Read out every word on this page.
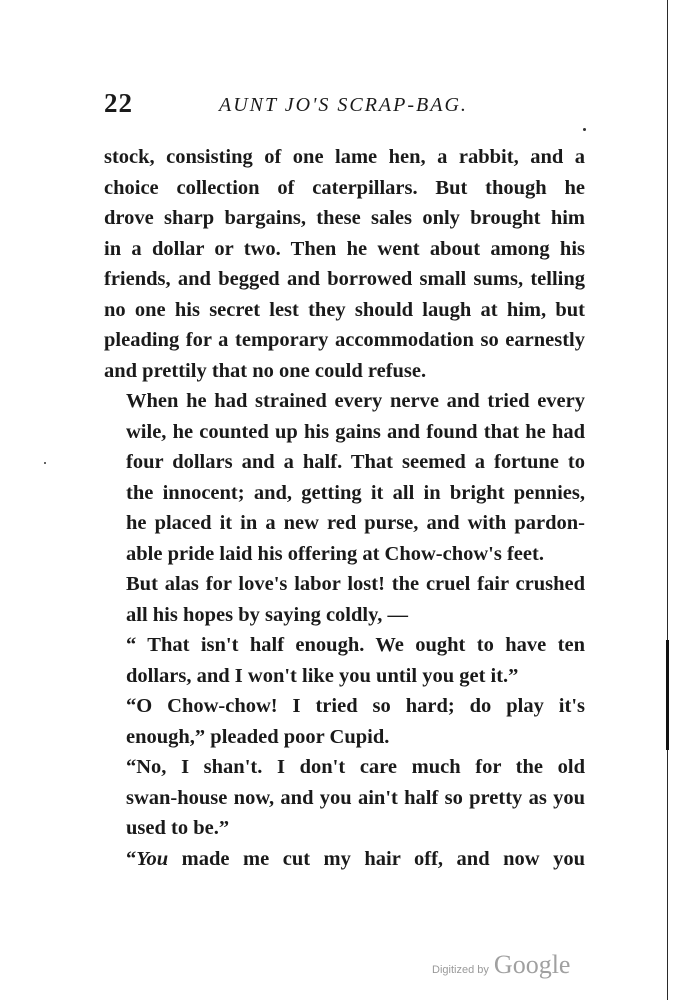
22	AUNT JO'S SCRAP-BAG.
stock, consisting of one lame hen, a rabbit, and a
choice collection of caterpillars. But though he
drove sharp bargains, these sales only brought him
in a dollar or two. Then he went about among his
friends, and begged and borrowed small sums, telling
no one his secret lest they should laugh at him, but
pleading for a temporary accommodation so earnestly
and prettily that no one could refuse.
When he had strained every nerve and tried every
wile, he counted up his gains and found that he had
four dollars and a half. That seemed a fortune to
the innocent; and, getting it all in bright pennies,
he placed it in a new red purse, and with pardon-
able pride laid his offering at Chow-chow's feet.
But alas for love's labor lost! the cruel fair crushed
all his hopes by saying coldly, —
“ That isn't half enough. We ought to have ten
dollars, and I won't like you until you get it.”
“O Chow-chow! I tried so hard; do play it's
enough,” pleaded poor Cupid.
“No, I shan't. I don't care much for the old
swan-house now, and you ain't half so pretty as you
used to be.”
“You made me cut my hair off, and now you
Digitized by Google
